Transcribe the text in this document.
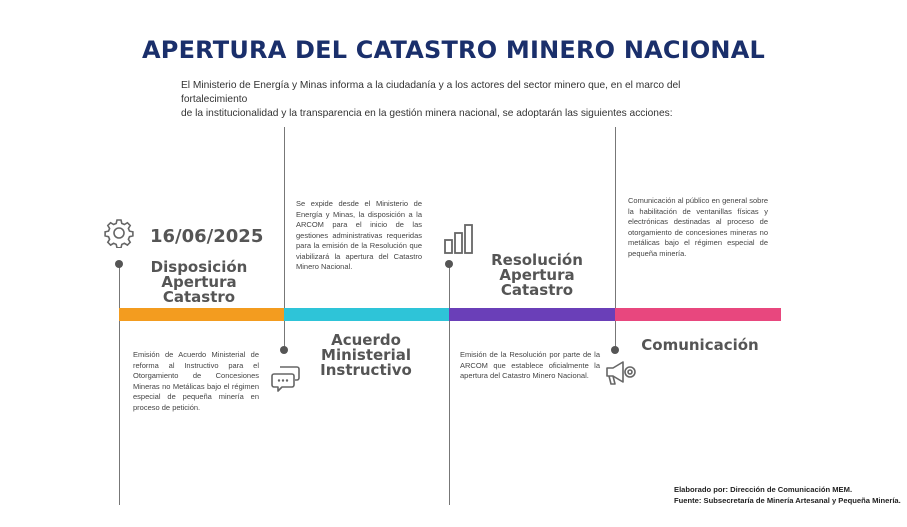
APERTURA DEL CATASTRO MINERO NACIONAL
El Ministerio de Energía y Minas informa a la ciudadanía y a los actores del sector minero que, en el marco del fortalecimiento
de la institucionalidad y la transparencia en la gestión minera nacional, se adoptarán las siguientes acciones:
16/06/2025
Disposición
Apertura
Catastro
Emisión de Acuerdo Ministerial de reforma al Instructivo para el Otorgamiento de Concesiones Mineras no Metálicas bajo el régimen especial de pequeña minería en proceso de petición.
Se expide desde el Ministerio de Energía y Minas, la disposición a la ARCOM para el inicio de las gestiones administrativas requeridas para la emisión de la Resolución que viabilizará la apertura del Catastro Minero Nacional.
Acuerdo
Ministerial
Instructivo
Resolución
Apertura
Catastro
Emisión de la Resolución por parte de la ARCOM que establece oficialmente la apertura del Catastro Minero Nacional.
Comunicación al público en general sobre la habilitación de ventanillas físicas y electrónicas destinadas al proceso de otorgamiento de concesiones mineras no metálicas bajo el régimen especial de pequeña minería.
Comunicación
Elaborado por: Dirección de Comunicación MEM.
Fuente: Subsecretaría de Minería Artesanal y Pequeña Minería.
